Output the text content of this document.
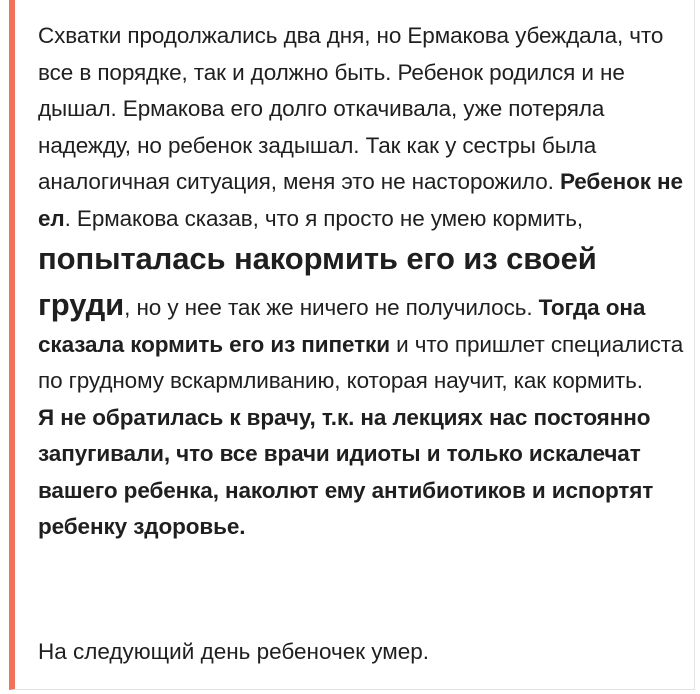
Схватки продолжались два дня, но Ермакова убеждала, что все в порядке, так и должно быть. Ребенок родился и не дышал. Ермакова его долго откачивала, уже потеряла надежду, но ребенок задышал. Так как у сестры была аналогичная ситуация, меня это не насторожило. Ребенок не ел. Ермакова сказав, что я просто не умею кормить,
попыталась накормить его из своей
груди, но у нее так же ничего не получилось. Тогда она сказала кормить его из пипетки и что пришлет специалиста по грудному вскармливанию, которая научит, как кормить.
Я не обратилась к врачу, т.к. на лекциях нас постоянно запугивали, что все врачи идиоты и только искалечат вашего ребенка, наколют ему антибиотиков и испортят ребенку здоровье.
На следующий день ребеночек умер.
